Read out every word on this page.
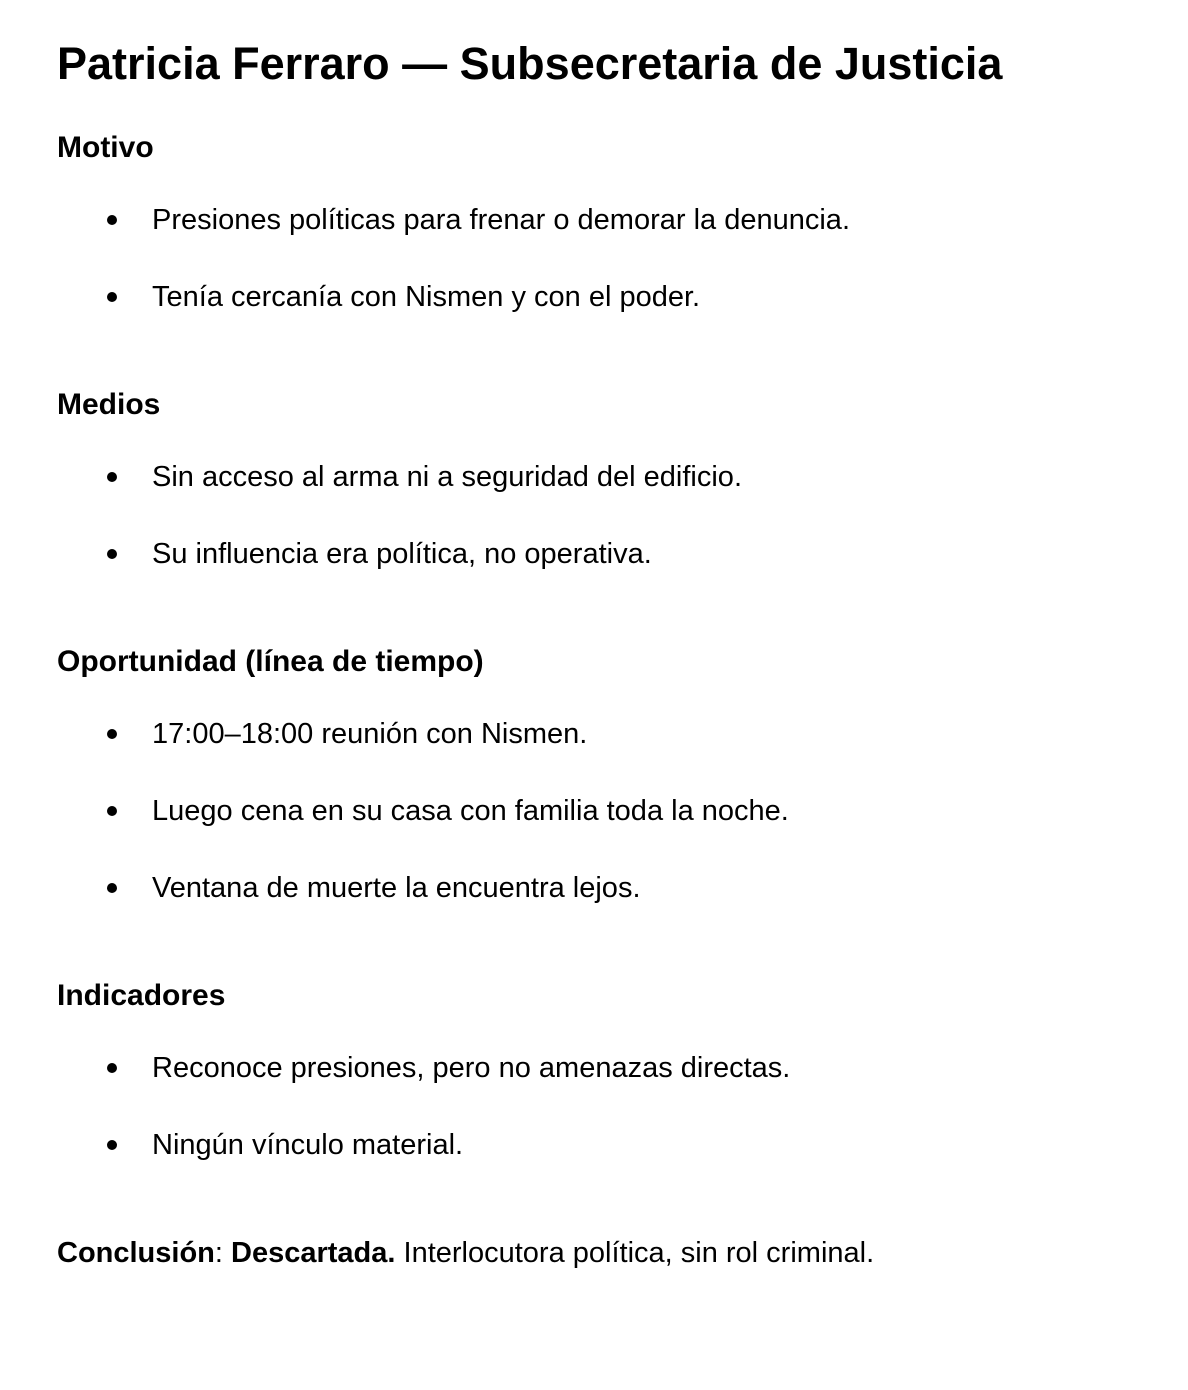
Patricia Ferraro — Subsecretaria de Justicia
Motivo
Presiones políticas para frenar o demorar la denuncia.
Tenía cercanía con Nismen y con el poder.
Medios
Sin acceso al arma ni a seguridad del edificio.
Su influencia era política, no operativa.
Oportunidad (línea de tiempo)
17:00–18:00 reunión con Nismen.
Luego cena en su casa con familia toda la noche.
Ventana de muerte la encuentra lejos.
Indicadores
Reconoce presiones, pero no amenazas directas.
Ningún vínculo material.

Conclusión: Descartada. Interlocutora política, sin rol criminal.
